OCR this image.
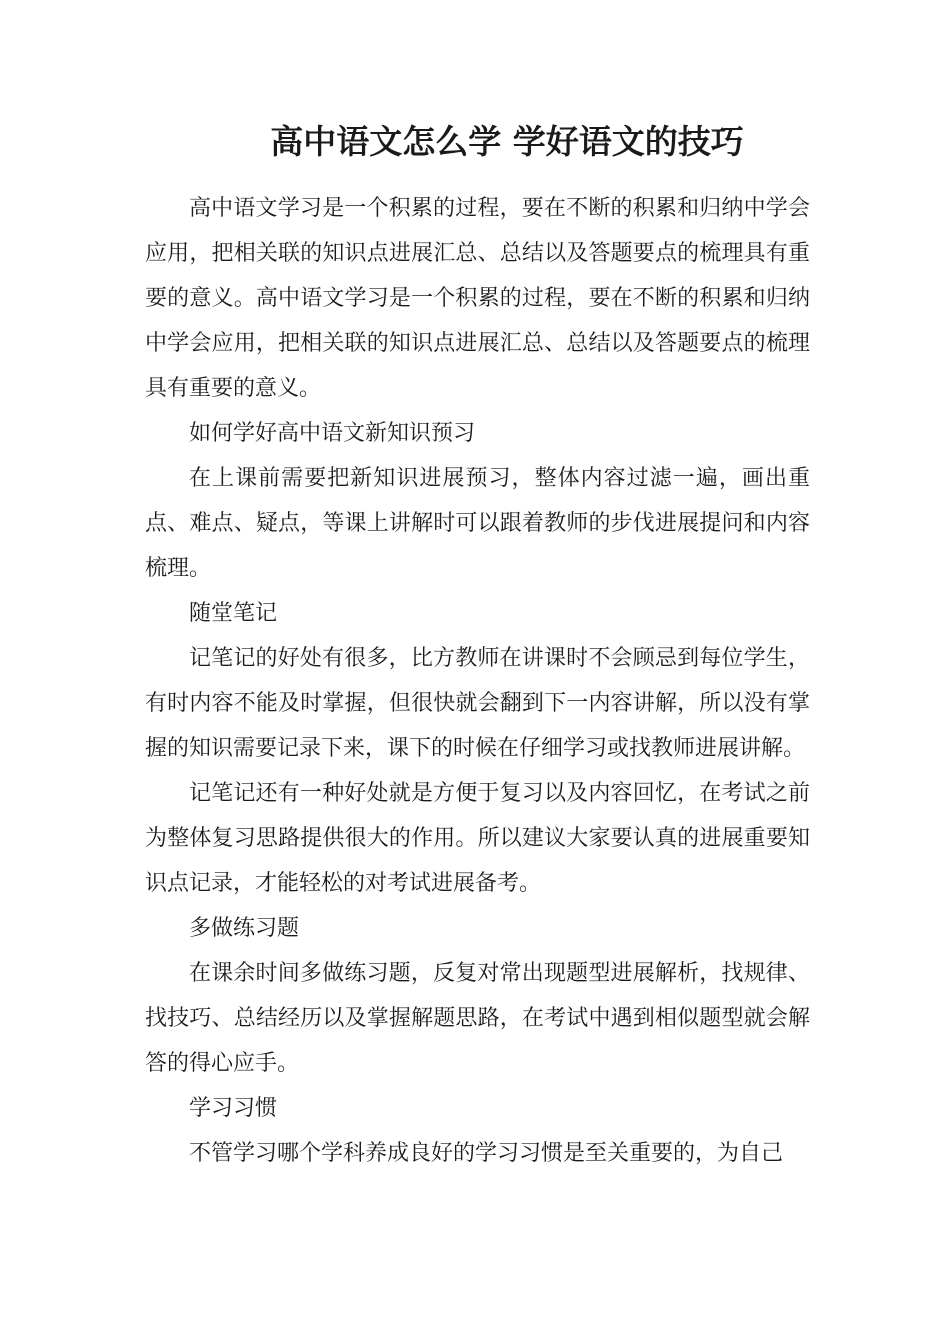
高中语文怎么学 学好语文的技巧

高中语文学习是一个积累的过程，要在不断的积累和归纳中学会应用，把相关联的知识点进展汇总、总结以及答题要点的梳理具有重要的意义。高中语文学习是一个积累的过程，要在不断的积累和归纳中学会应用，把相关联的知识点进展汇总、总结以及答题要点的梳理具有重要的意义。

如何学好高中语文新知识预习

在上课前需要把新知识进展预习，整体内容过滤一遍，画出重点、难点、疑点，等课上讲解时可以跟着教师的步伐进展提问和内容梳理。

随堂笔记

记笔记的好处有很多，比方教师在讲课时不会顾忌到每位学生，有时内容不能及时掌握，但很快就会翻到下一内容讲解，所以没有掌握的知识需要记录下来，课下的时候在仔细学习或找教师进展讲解。

记笔记还有一种好处就是方便于复习以及内容回忆，在考试之前为整体复习思路提供很大的作用。所以建议大家要认真的进展重要知识点记录，才能轻松的对考试进展备考。

多做练习题

在课余时间多做练习题，反复对常出现题型进展解析，找规律、找技巧、总结经历以及掌握解题思路，在考试中遇到相似题型就会解答的得心应手。

学习习惯

不管学习哪个学科养成良好的学习习惯是至关重要的，为自己
